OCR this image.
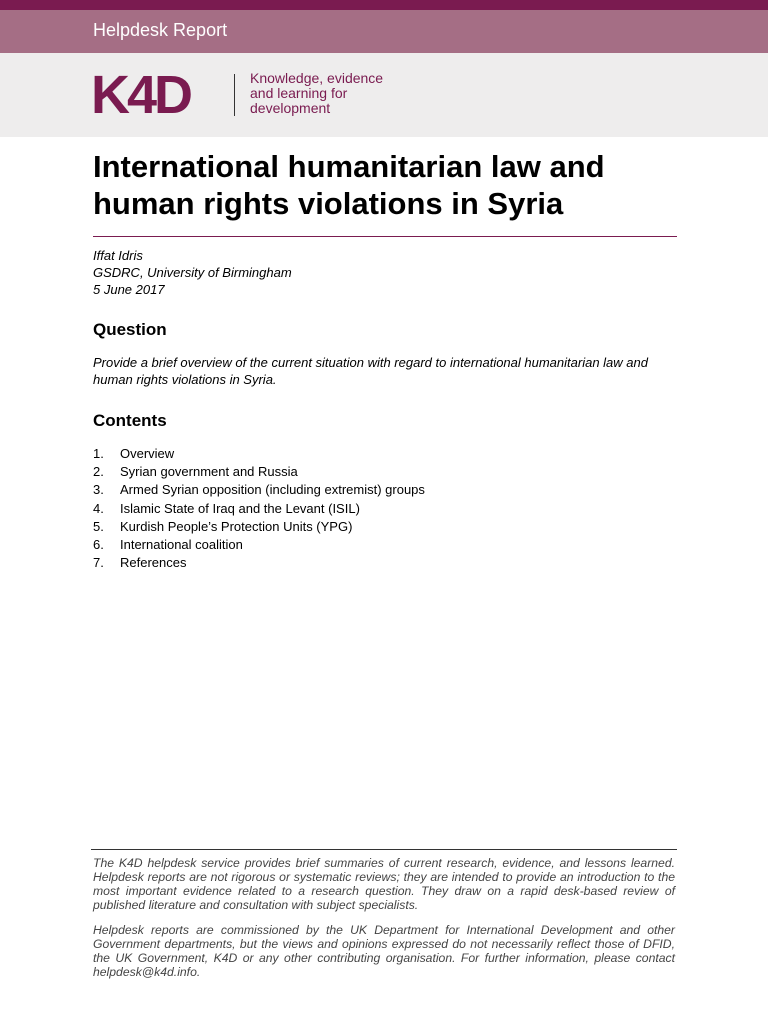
Helpdesk Report
K4D	Knowledge, evidence
and learning for
development
International humanitarian law and human rights violations in Syria
Iffat Idris
GSDRC, University of Birmingham
5 June 2017
Question
Provide a brief overview of the current situation with regard to international humanitarian law and human rights violations in Syria.
Contents
1.	Overview
2.	Syrian government and Russia
3.	Armed Syrian opposition (including extremist) groups
4.	Islamic State of Iraq and the Levant (ISIL)
5.	Kurdish People’s Protection Units (YPG)
6.	International coalition
7.	References

The K4D helpdesk service provides brief summaries of current research, evidence, and lessons learned. Helpdesk reports are not rigorous or systematic reviews; they are intended to provide an introduction to the most important evidence related to a research question. They draw on a rapid desk-based review of published literature and consultation with subject specialists.

Helpdesk reports are commissioned by the UK Department for International Development and other Government departments, but the views and opinions expressed do not necessarily reflect those of DFID, the UK Government, K4D or any other contributing organisation. For further information, please contact helpdesk@k4d.info.
